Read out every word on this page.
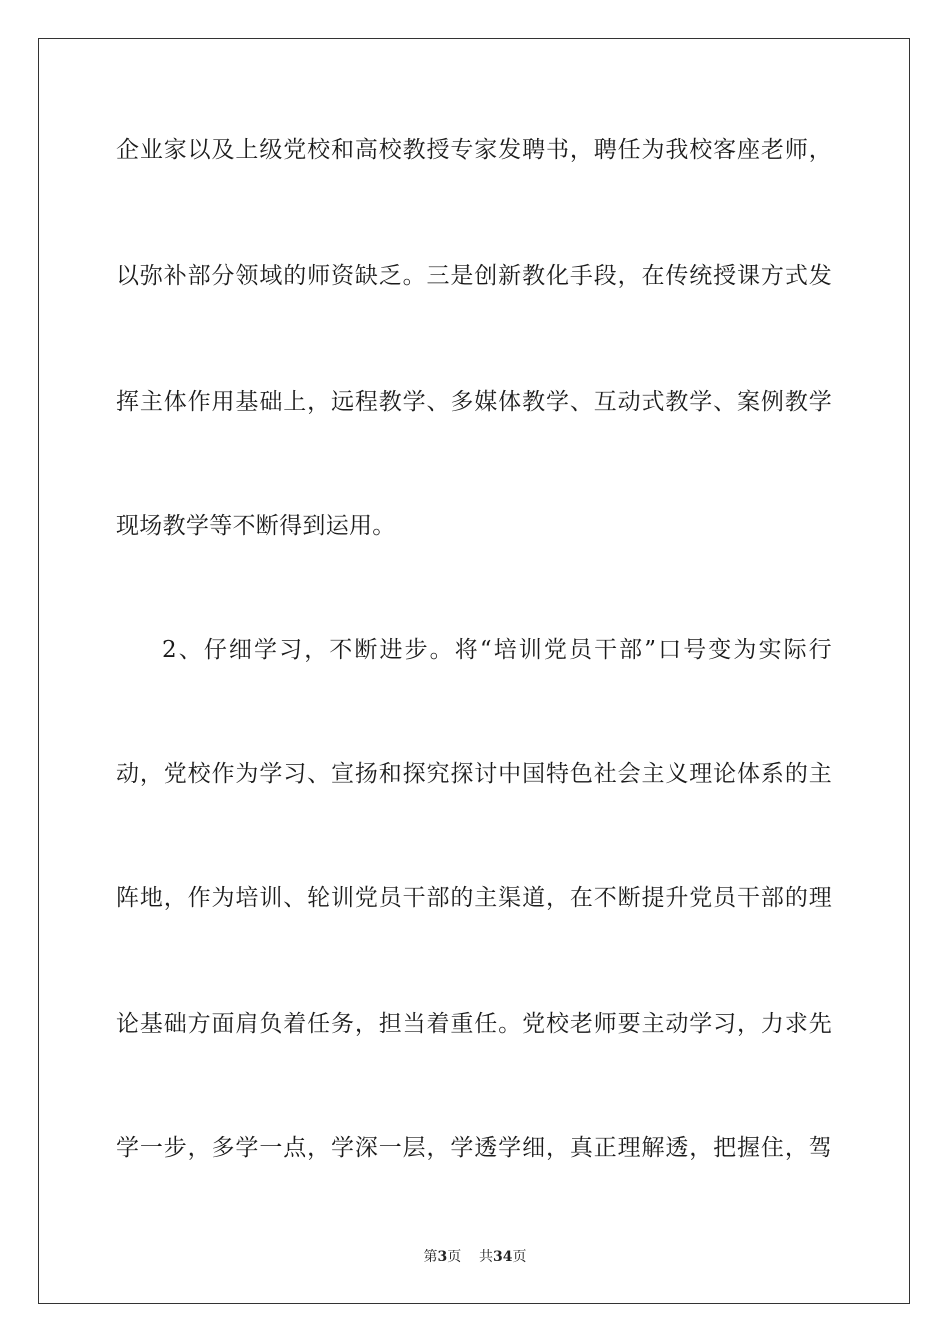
企业家以及上级党校和高校教授专家发聘书，聘任为我校客座老师，
以弥补部分领域的师资缺乏。三是创新教化手段，在传统授课方式发
挥主体作用基础上，远程教学、多媒体教学、互动式教学、案例教学
现场教学等不断得到运用。
2、仔细学习，不断进步。将“培训党员干部”口号变为实际行
动，党校作为学习、宣扬和探究探讨中国特色社会主义理论体系的主
阵地，作为培训、轮训党员干部的主渠道，在不断提升党员干部的理
论基础方面肩负着任务，担当着重任。党校老师要主动学习，力求先
学一步，多学一点，学深一层，学透学细，真正理解透，把握住，驾
第3页 共34页
